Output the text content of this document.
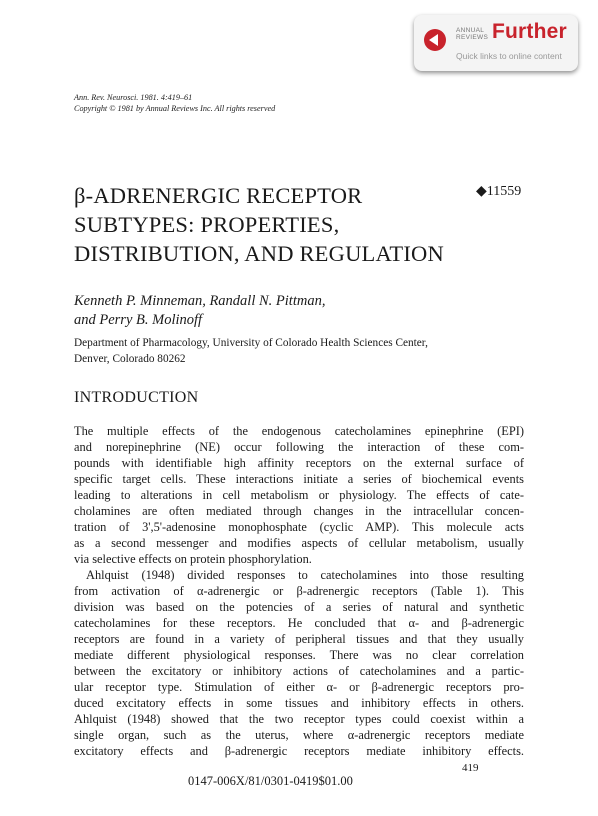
ANNUAL REVIEWS Further
Quick links to online content
Ann. Rev. Neurosci. 1981. 4:419–61
Copyright © 1981 by Annual Reviews Inc. All rights reserved
β-ADRENERGIC RECEPTOR
SUBTYPES: PROPERTIES,
DISTRIBUTION, AND REGULATION
◆11559
Kenneth P. Minneman, Randall N. Pittman,
and Perry B. Molinoff
Department of Pharmacology, University of Colorado Health Sciences Center,
Denver, Colorado 80262
INTRODUCTION
The multiple effects of the endogenous catecholamines epinephrine (EPI)
and norepinephrine (NE) occur following the interaction of these com-
pounds with identifiable high affinity receptors on the external surface of
specific target cells. These interactions initiate a series of biochemical events
leading to alterations in cell metabolism or physiology. The effects of cate-
cholamines are often mediated through changes in the intracellular concen-
tration of 3',5'-adenosine monophosphate (cyclic AMP). This molecule acts
as a second messenger and modifies aspects of cellular metabolism, usually
via selective effects on protein phosphorylation.
Ahlquist (1948) divided responses to catecholamines into those resulting
from activation of α-adrenergic or β-adrenergic receptors (Table 1). This
division was based on the potencies of a series of natural and synthetic
catecholamines for these receptors. He concluded that α- and β-adrenergic
receptors are found in a variety of peripheral tissues and that they usually
mediate different physiological responses. There was no clear correlation
between the excitatory or inhibitory actions of catecholamines and a partic-
ular receptor type. Stimulation of either α- or β-adrenergic receptors pro-
duced excitatory effects in some tissues and inhibitory effects in others.
Ahlquist (1948) showed that the two receptor types could coexist within a
single organ, such as the uterus, where α-adrenergic receptors mediate
excitatory effects and β-adrenergic receptors mediate inhibitory effects.
419
0147-006X/81/0301-0419$01.00
